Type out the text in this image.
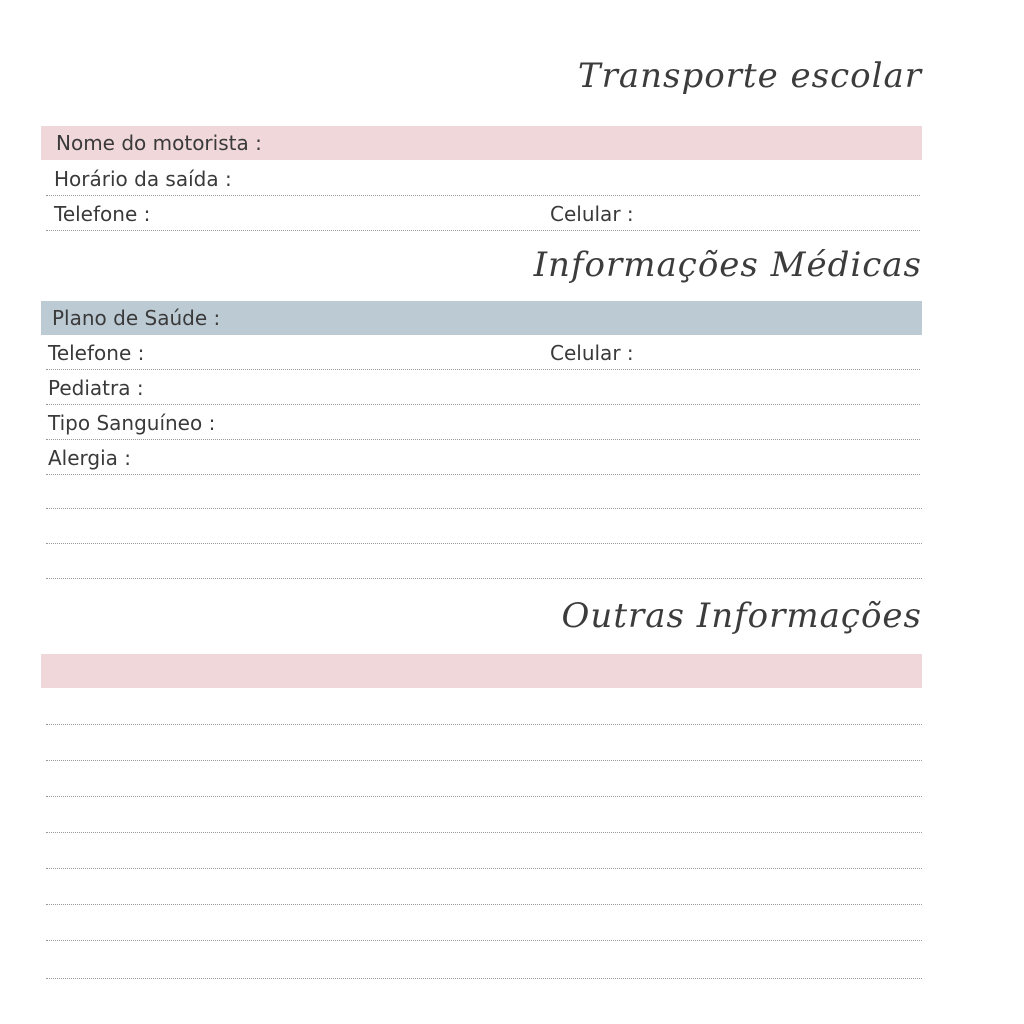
Transporte escolar
Nome do motorista :
Horário da saída :
Telefone :	Celular :
Informações Médicas
Plano de Saúde :
Telefone :	Celular :
Pediatra :
Tipo Sanguíneo :
Alergia :
Outras Informações
